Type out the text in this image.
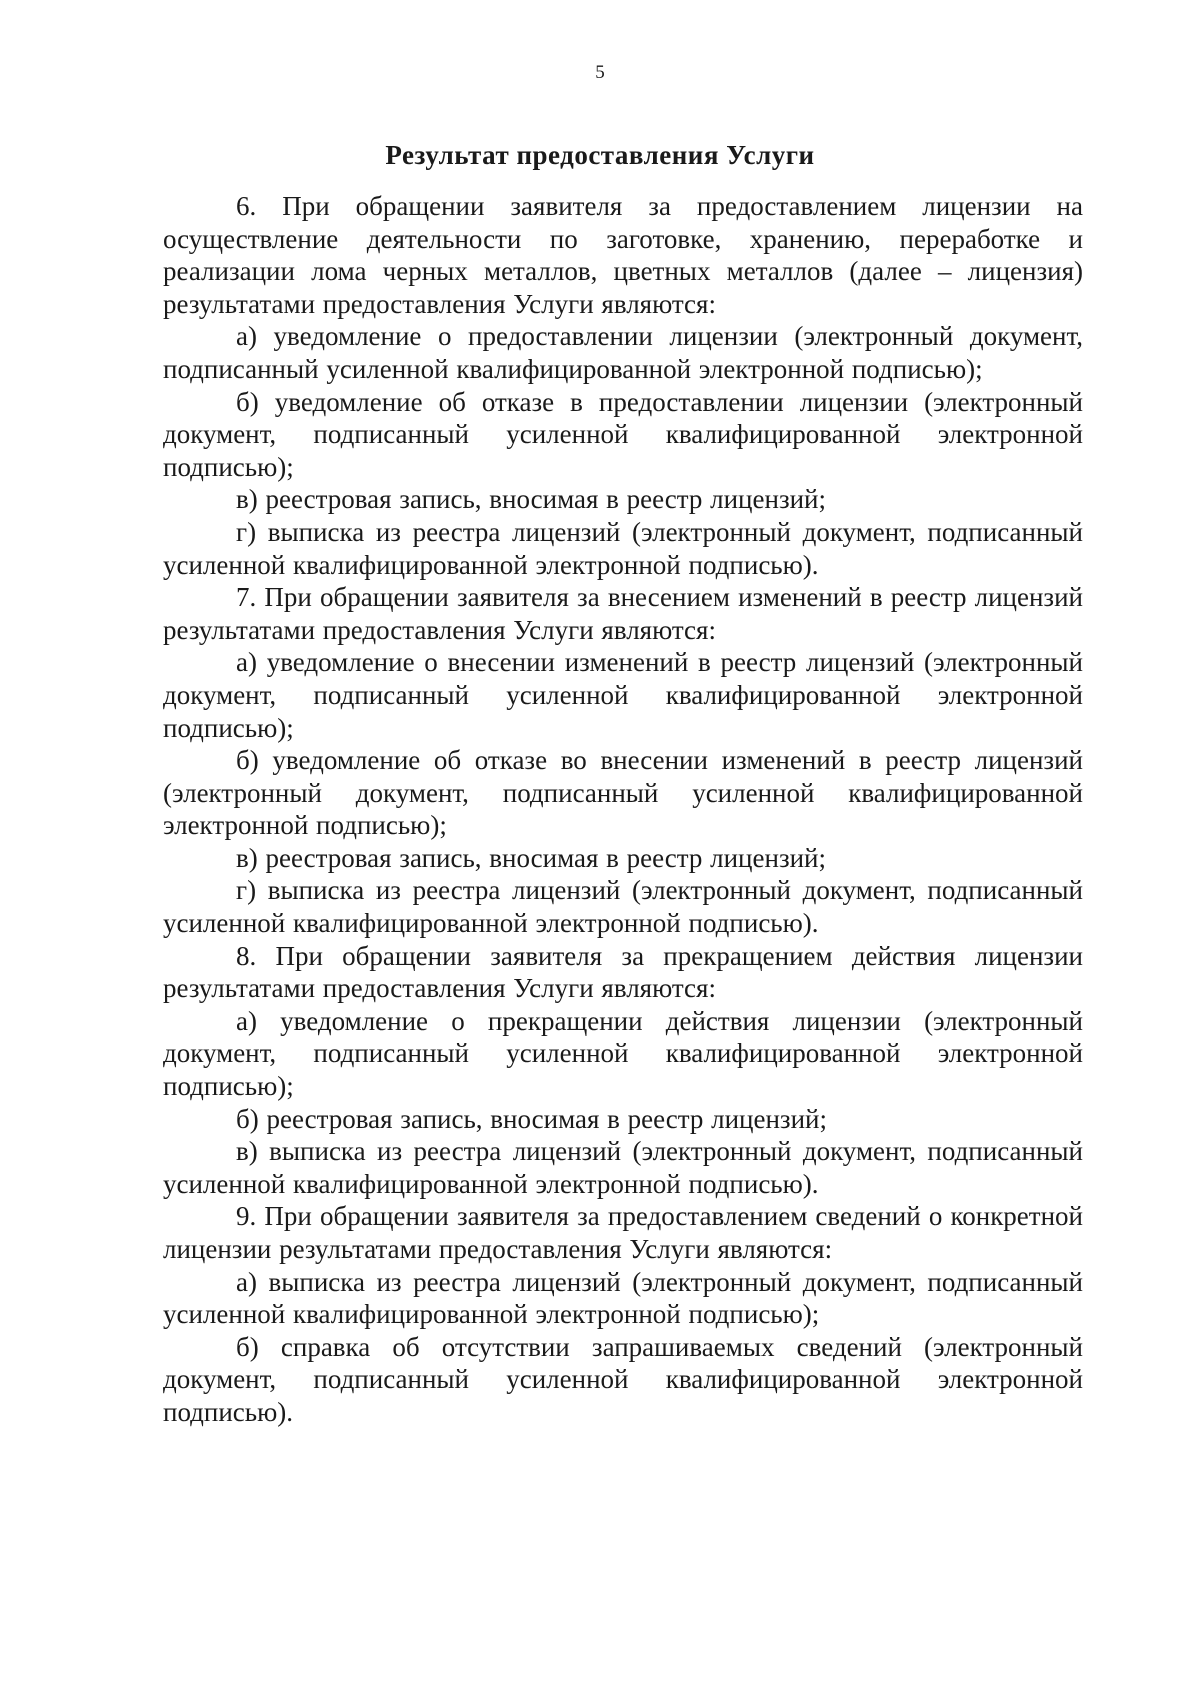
5
Результат предоставления Услуги

6. При обращении заявителя за предоставлением лицензии на осуществление деятельности по заготовке, хранению, переработке и реализации лома черных металлов, цветных металлов (далее – лицензия) результатами предоставления Услуги являются:

а) уведомление о предоставлении лицензии (электронный документ, подписанный усиленной квалифицированной электронной подписью);

б) уведомление об отказе в предоставлении лицензии (электронный документ, подписанный усиленной квалифицированной электронной подписью);

в) реестровая запись, вносимая в реестр лицензий;

г) выписка из реестра лицензий (электронный документ, подписанный усиленной квалифицированной электронной подписью).

7. При обращении заявителя за внесением изменений в реестр лицензий результатами предоставления Услуги являются:

а) уведомление о внесении изменений в реестр лицензий (электронный документ, подписанный усиленной квалифицированной электронной подписью);

б) уведомление об отказе во внесении изменений в реестр лицензий (электронный документ, подписанный усиленной квалифицированной электронной подписью);

в) реестровая запись, вносимая в реестр лицензий;

г) выписка из реестра лицензий (электронный документ, подписанный усиленной квалифицированной электронной подписью).

8. При обращении заявителя за прекращением действия лицензии результатами предоставления Услуги являются:

а) уведомление о прекращении действия лицензии (электронный документ, подписанный усиленной квалифицированной электронной подписью);

б) реестровая запись, вносимая в реестр лицензий;

в) выписка из реестра лицензий (электронный документ, подписанный усиленной квалифицированной электронной подписью).

9. При обращении заявителя за предоставлением сведений о конкретной лицензии результатами предоставления Услуги являются:

а) выписка из реестра лицензий (электронный документ, подписанный усиленной квалифицированной электронной подписью);

б) справка об отсутствии запрашиваемых сведений (электронный документ, подписанный усиленной квалифицированной электронной подписью).
